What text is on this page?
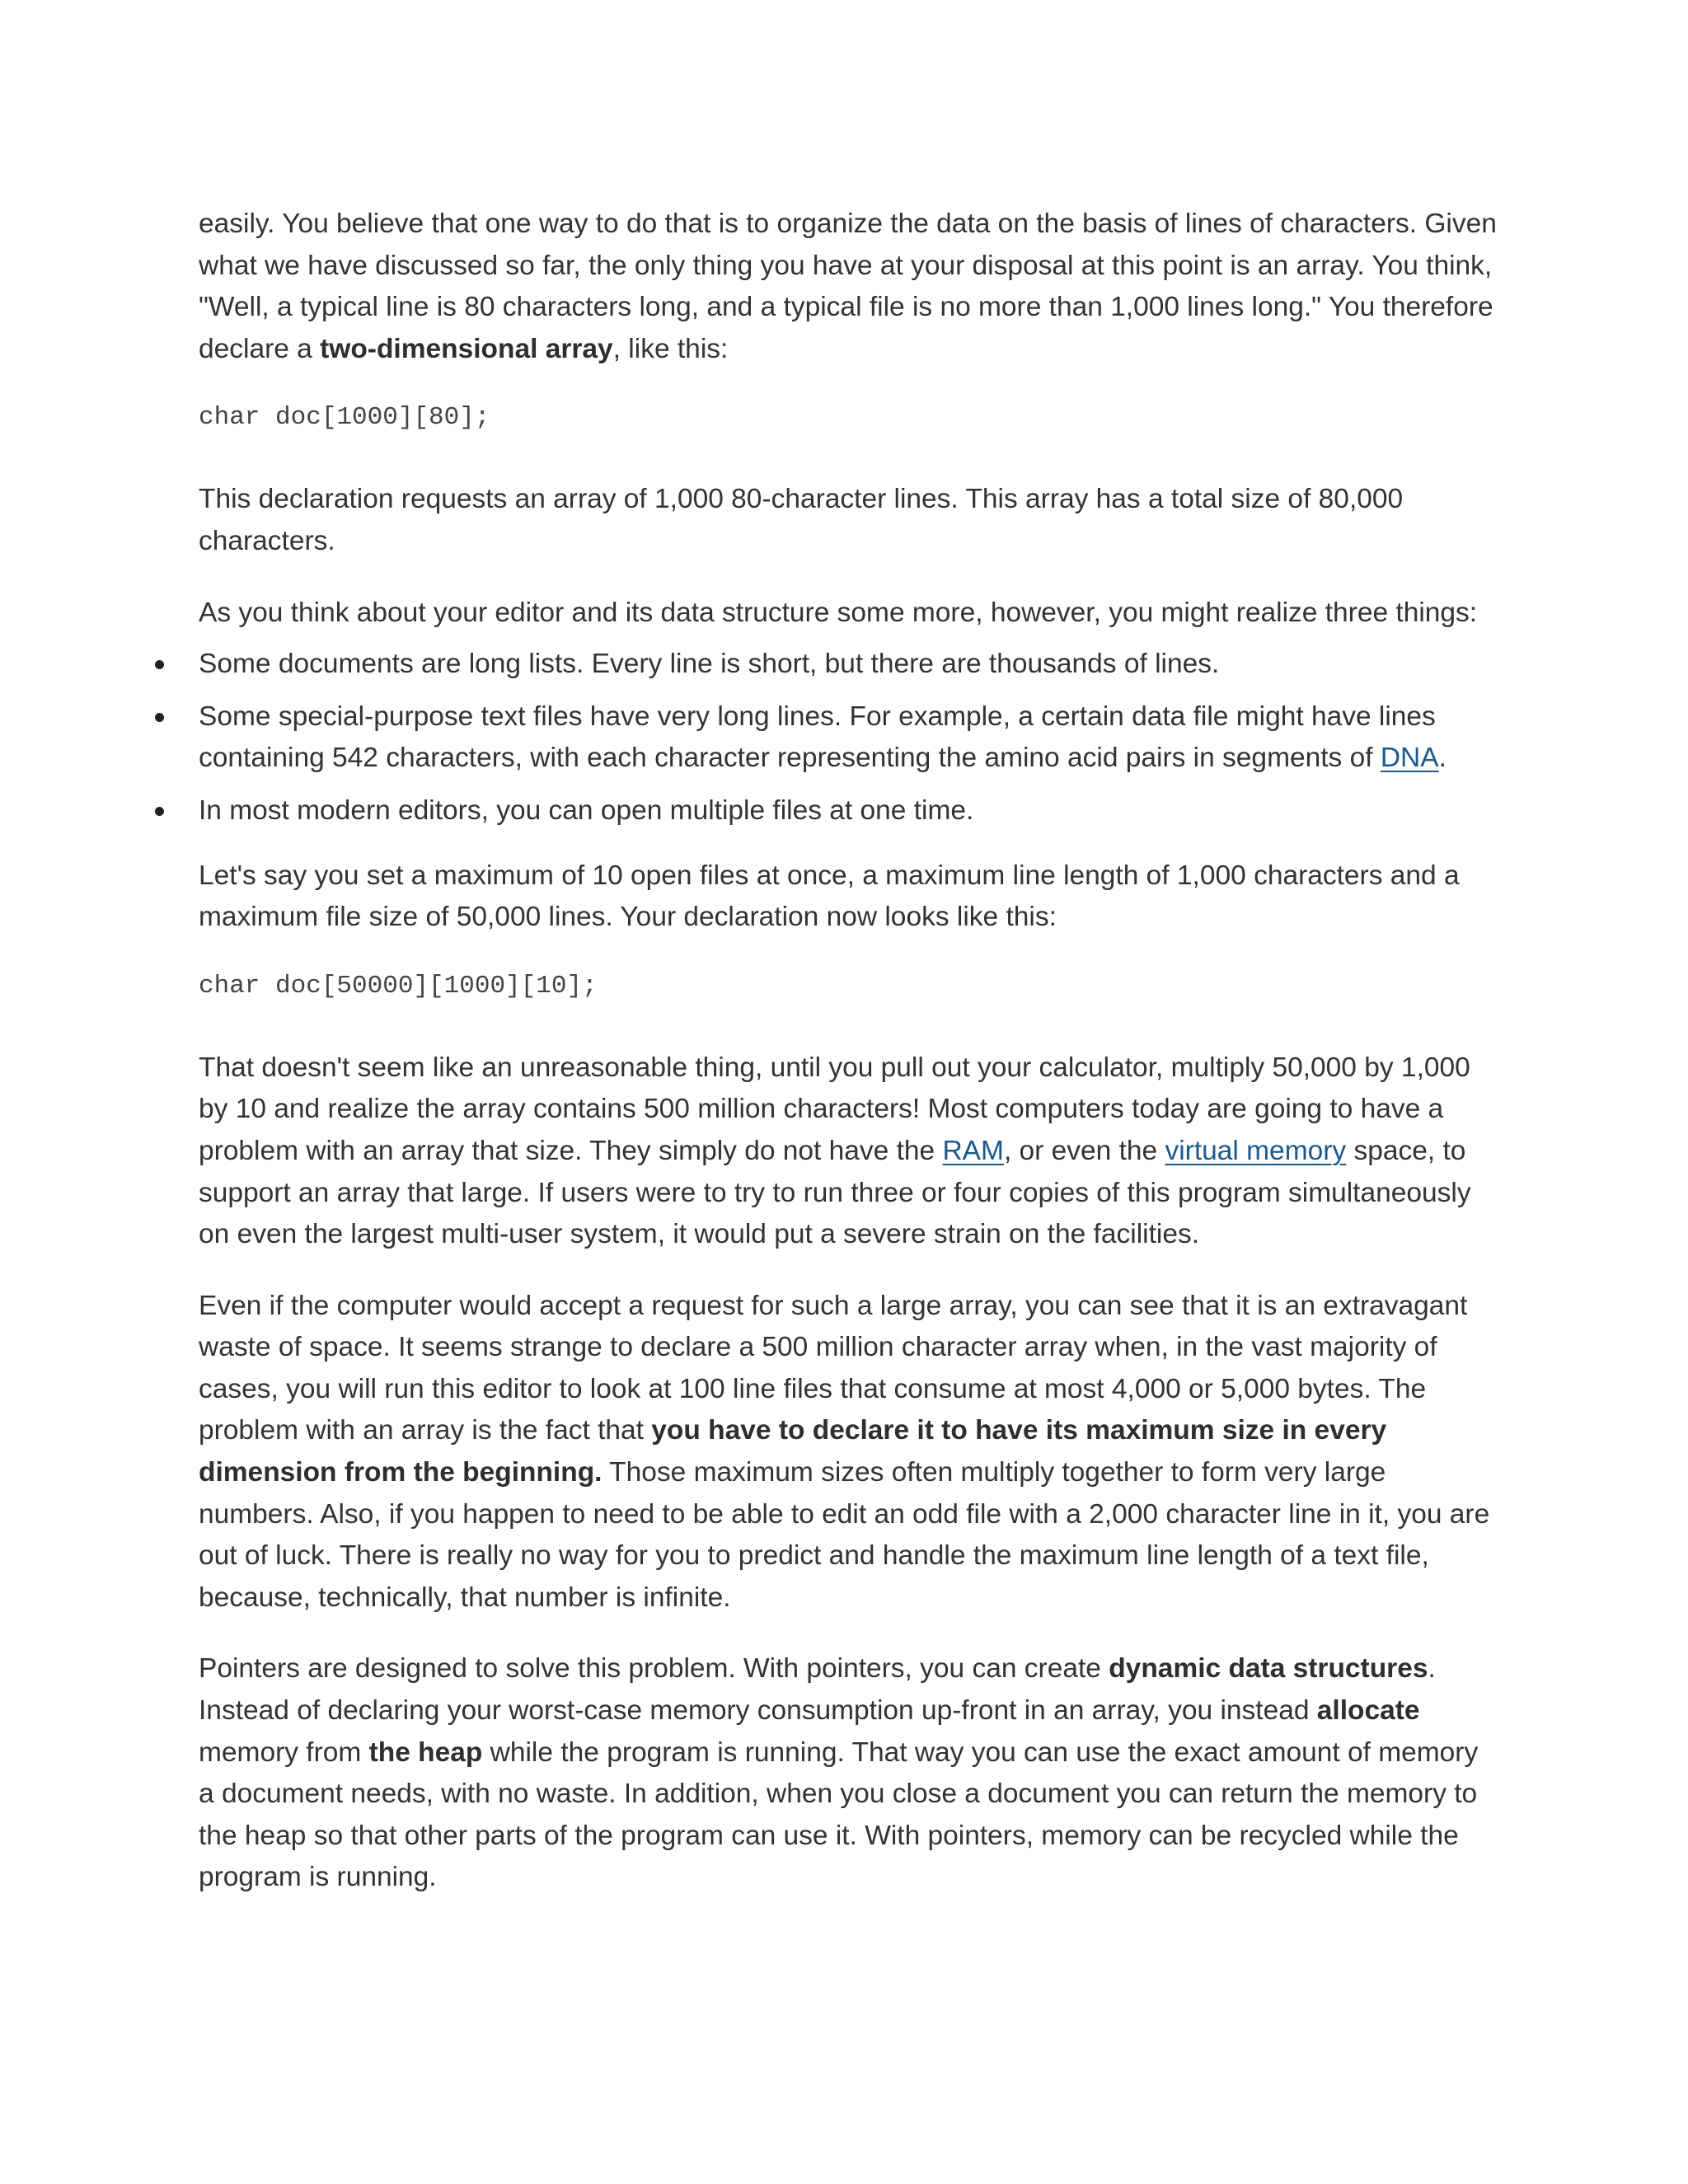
easily. You believe that one way to do that is to organize the data on the basis of lines of characters. Given what we have discussed so far, the only thing you have at your disposal at this point is an array. You think, "Well, a typical line is 80 characters long, and a typical file is no more than 1,000 lines long." You therefore declare a two-dimensional array, like this:

char doc[1000][80];

This declaration requests an array of 1,000 80-character lines. This array has a total size of 80,000 characters.

As you think about your editor and its data structure some more, however, you might realize three things:

Some documents are long lists. Every line is short, but there are thousands of lines.
Some special-purpose text files have very long lines. For example, a certain data file might have lines containing 542 characters, with each character representing the amino acid pairs in segments of DNA.
In most modern editors, you can open multiple files at one time.

Let's say you set a maximum of 10 open files at once, a maximum line length of 1,000 characters and a maximum file size of 50,000 lines. Your declaration now looks like this:

char doc[50000][1000][10];

That doesn't seem like an unreasonable thing, until you pull out your calculator, multiply 50,000 by 1,000 by 10 and realize the array contains 500 million characters! Most computers today are going to have a problem with an array that size. They simply do not have the RAM, or even the virtual memory space, to support an array that large. If users were to try to run three or four copies of this program simultaneously on even the largest multi-user system, it would put a severe strain on the facilities.

Even if the computer would accept a request for such a large array, you can see that it is an extravagant waste of space. It seems strange to declare a 500 million character array when, in the vast majority of cases, you will run this editor to look at 100 line files that consume at most 4,000 or 5,000 bytes. The problem with an array is the fact that you have to declare it to have its maximum size in every dimension from the beginning. Those maximum sizes often multiply together to form very large numbers. Also, if you happen to need to be able to edit an odd file with a 2,000 character line in it, you are out of luck. There is really no way for you to predict and handle the maximum line length of a text file, because, technically, that number is infinite.

Pointers are designed to solve this problem. With pointers, you can create dynamic data structures. Instead of declaring your worst-case memory consumption up-front in an array, you instead allocate memory from the heap while the program is running. That way you can use the exact amount of memory a document needs, with no waste. In addition, when you close a document you can return the memory to the heap so that other parts of the program can use it. With pointers, memory can be recycled while the program is running.
